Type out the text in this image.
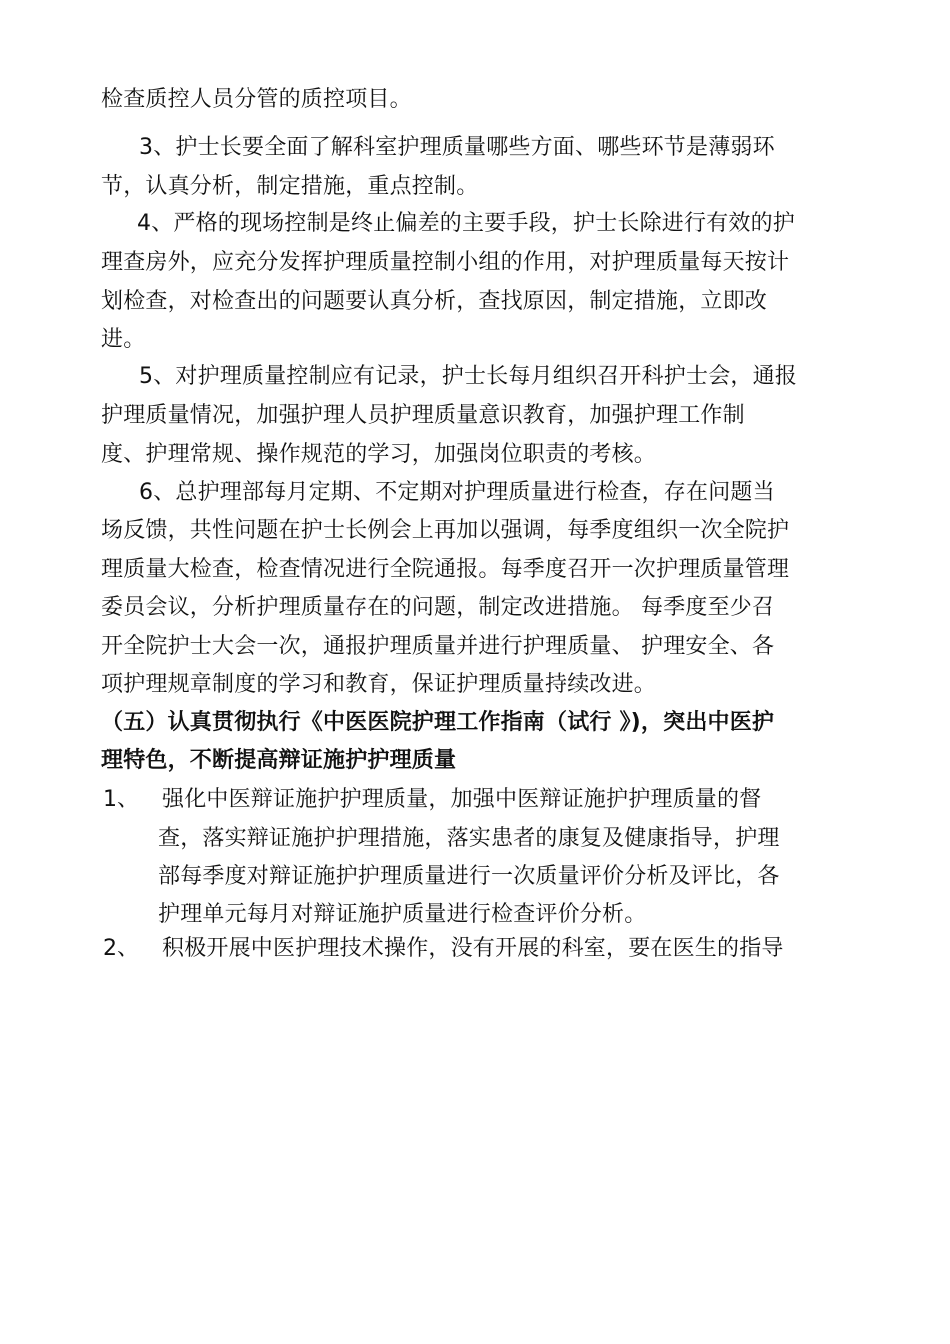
检查质控人员分管的质控项目。
3、护士长要全面了解科室护理质量哪些方面、哪些环节是薄弱环
节，认真分析，制定措施，重点控制。
4、严格的现场控制是终止偏差的主要手段，护士长除进行有效的护
理查房外，应充分发挥护理质量控制小组的作用，对护理质量每天按计
划检查，对检查出的问题要认真分析，查找原因，制定措施，立即改
进。
5、对护理质量控制应有记录，护士长每月组织召开科护士会，通报
护理质量情况，加强护理人员护理质量意识教育，加强护理工作制
度、护理常规、操作规范的学习，加强岗位职责的考核。
6、总护理部每月定期、不定期对护理质量进行检查，存在问题当
场反馈，共性问题在护士长例会上再加以强调，每季度组织一次全院护
理质量大检查，检查情况进行全院通报。每季度召开一次护理质量管理
委员会议，分析护理质量存在的问题，制定改进措施。 每季度至少召
开全院护士大会一次，通报护理质量并进行护理质量、 护理安全、各
项护理规章制度的学习和教育，保证护理质量持续改进。
（五）认真贯彻执行《中医医院护理工作指南（试行 》)，突出中医护
理特色，不断提高辩证施护护理质量
1、 强化中医辩证施护护理质量，加强中医辩证施护护理质量的督
查，落实辩证施护护理措施，落实患者的康复及健康指导，护理
部每季度对辩证施护护理质量进行一次质量评价分析及评比，各
护理单元每月对辩证施护质量进行检查评价分析。
2、 积极开展中医护理技术操作，没有开展的科室，要在医生的指导
